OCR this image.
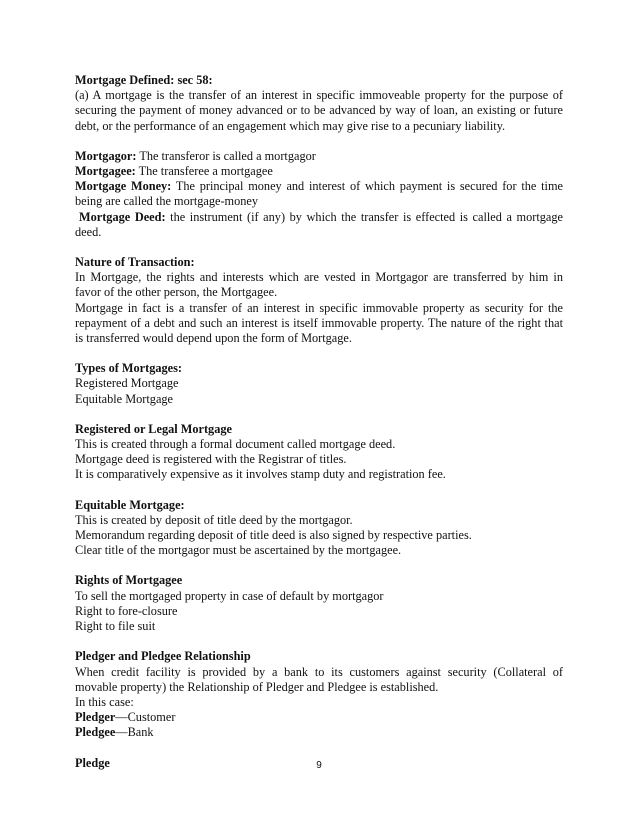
Mortgage Defined: sec 58:
(a) A mortgage is the transfer of an interest in specific immoveable property for the purpose of
securing the payment of money advanced or to be advanced by way of loan, an existing or future
debt, or the performance of an engagement which may give rise to a pecuniary liability.
Mortgagor: The transferor is called a mortgagor
Mortgagee: The transferee a mortgagee
Mortgage Money: The principal money and interest of which payment is secured for the time
being are called the mortgage-money
Mortgage Deed: the instrument (if any) by which the transfer is effected is called a mortgage
deed.
Nature of Transaction:
In Mortgage, the rights and interests which are vested in Mortgagor are transferred by him in
favor of the other person, the Mortgagee.
Mortgage in fact is a transfer of an interest in specific immovable property as security for the
repayment of a debt and such an interest is itself immovable property. The nature of the right that
is transferred would depend upon the form of Mortgage.
Types of Mortgages:
Registered Mortgage
Equitable Mortgage
Registered or Legal Mortgage
This is created through a formal document called mortgage deed.
Mortgage deed is registered with the Registrar of titles.
It is comparatively expensive as it involves stamp duty and registration fee.
Equitable Mortgage:
This is created by deposit of title deed by the mortgagor.
Memorandum regarding deposit of title deed is also signed by respective parties.
Clear title of the mortgagor must be ascertained by the mortgagee.
Rights of Mortgagee
To sell the mortgaged property in case of default by mortgagor
Right to fore-closure
Right to file suit
Pledger and Pledgee Relationship
When credit facility is provided by a bank to its customers against security (Collateral of
movable property) the Relationship of Pledger and Pledgee is established.
In this case:
Pledger—Customer
Pledgee—Bank
Pledge	9
